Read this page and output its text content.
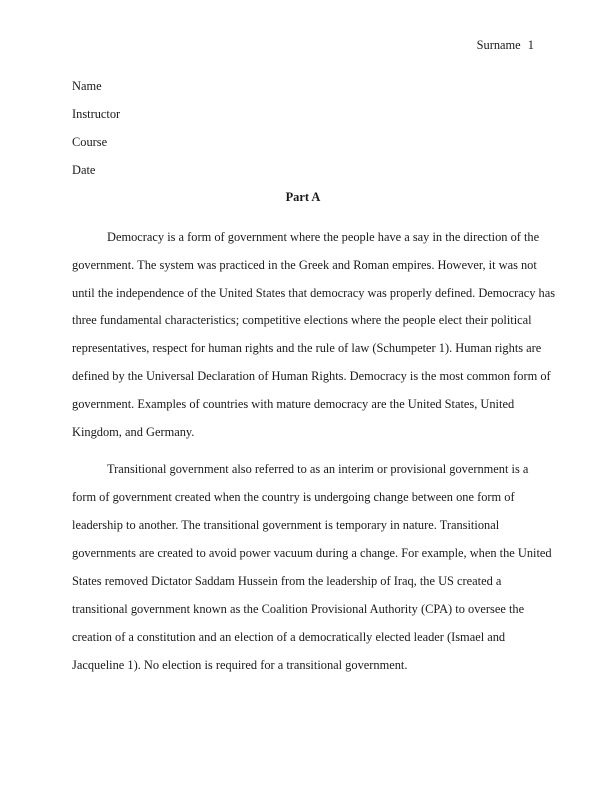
Surname 1
Name
Instructor
Course
Date
Part A
Democracy is a form of government where the people have a say in the direction of the
government. The system was practiced in the Greek and Roman empires. However, it was not
until the independence of the United States that democracy was properly defined. Democracy has
three fundamental characteristics; competitive elections where the people elect their political
representatives, respect for human rights and the rule of law (Schumpeter 1). Human rights are
defined by the Universal Declaration of Human Rights. Democracy is the most common form of
government. Examples of countries with mature democracy are the United States, United
Kingdom, and Germany.
Transitional government also referred to as an interim or provisional government is a
form of government created when the country is undergoing change between one form of
leadership to another. The transitional government is temporary in nature. Transitional
governments are created to avoid power vacuum during a change. For example, when the United
States removed Dictator Saddam Hussein from the leadership of Iraq, the US created a
transitional government known as the Coalition Provisional Authority (CPA) to oversee the
creation of a constitution and an election of a democratically elected leader (Ismael and
Jacqueline 1). No election is required for a transitional government.
